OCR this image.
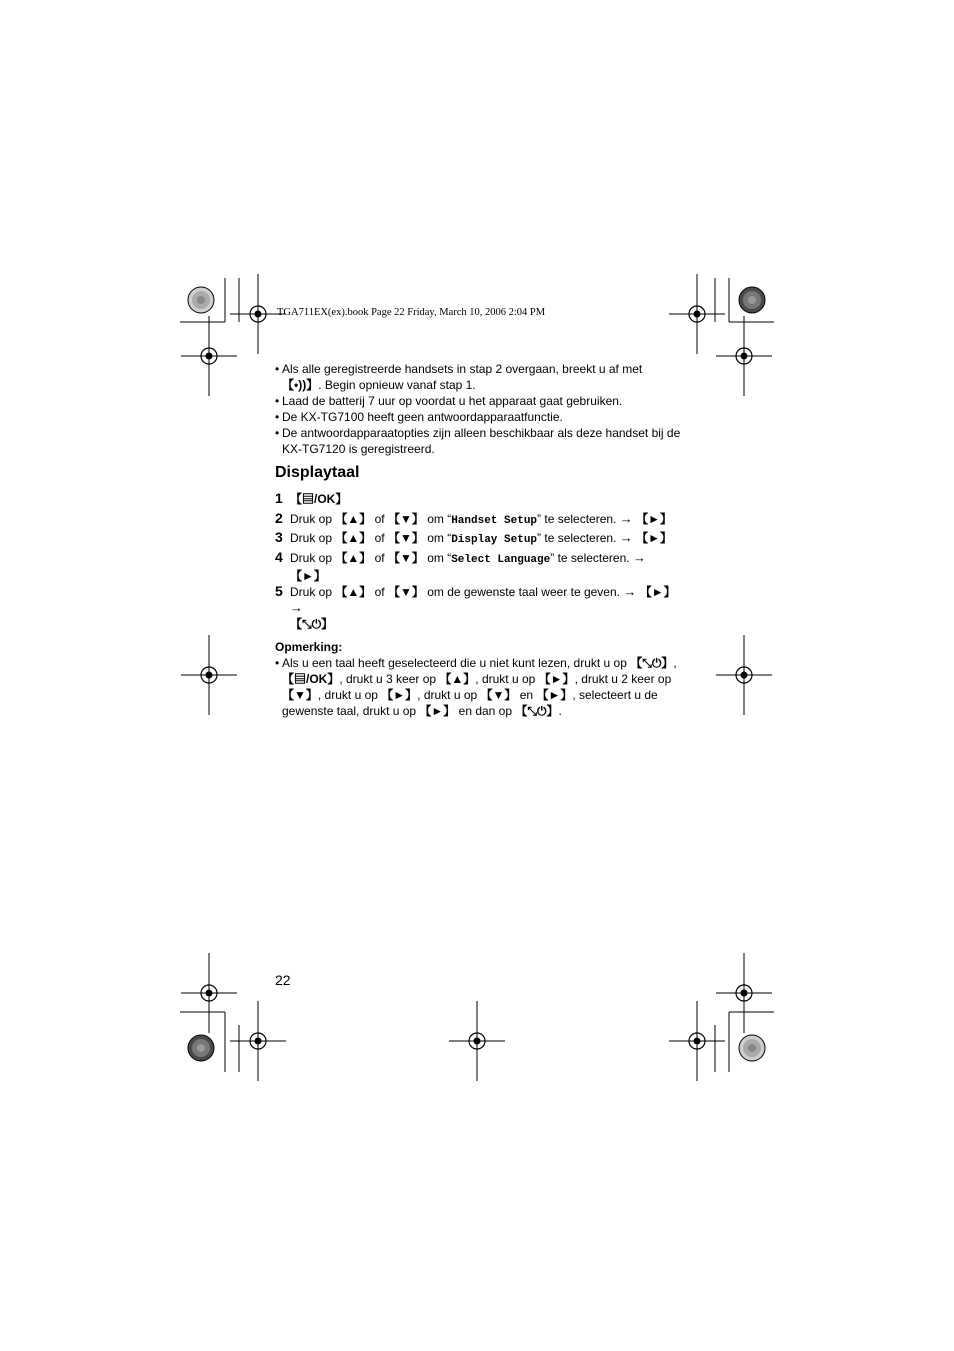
TGA711EX(ex).book Page 22 Friday, March 10, 2006 2:04 PM
• Als alle geregistreerde handsets in stap 2 overgaan, breekt u af met 【•))】. Begin opnieuw vanaf stap 1.
• Laad de batterij 7 uur op voordat u het apparaat gaat gebruiken.
• De KX-TG7100 heeft geen antwoordapparaatfunctie.
• De antwoordapparaatopties zijn alleen beschikbaar als deze handset bij de KX-TG7120 is geregistreerd.
Displaytaal
1 【▤/OK】
2 Druk op 【▲】 of 【▼】 om “Handset Setup” te selecteren. → 【►】
3 Druk op 【▲】 of 【▼】 om “Display Setup” te selecteren. → 【►】
4 Druk op 【▲】 of 【▼】 om “Select Language” te selecteren. → 【►】
5 Druk op 【▲】 of 【▼】 om de gewenste taal weer te geven. → 【►】 →
【⤡⏻】
Opmerking:
• Als u een taal heeft geselecteerd die u niet kunt lezen, drukt u op 【⤡⏻】, 【▤/OK】, drukt u 3 keer op 【▲】, drukt u op 【►】, drukt u 2 keer op 【▼】, drukt u op 【►】, drukt u op 【▼】 en 【►】, selecteert u de gewenste taal, drukt u op 【►】 en dan op 【⤡⏻】.
22
